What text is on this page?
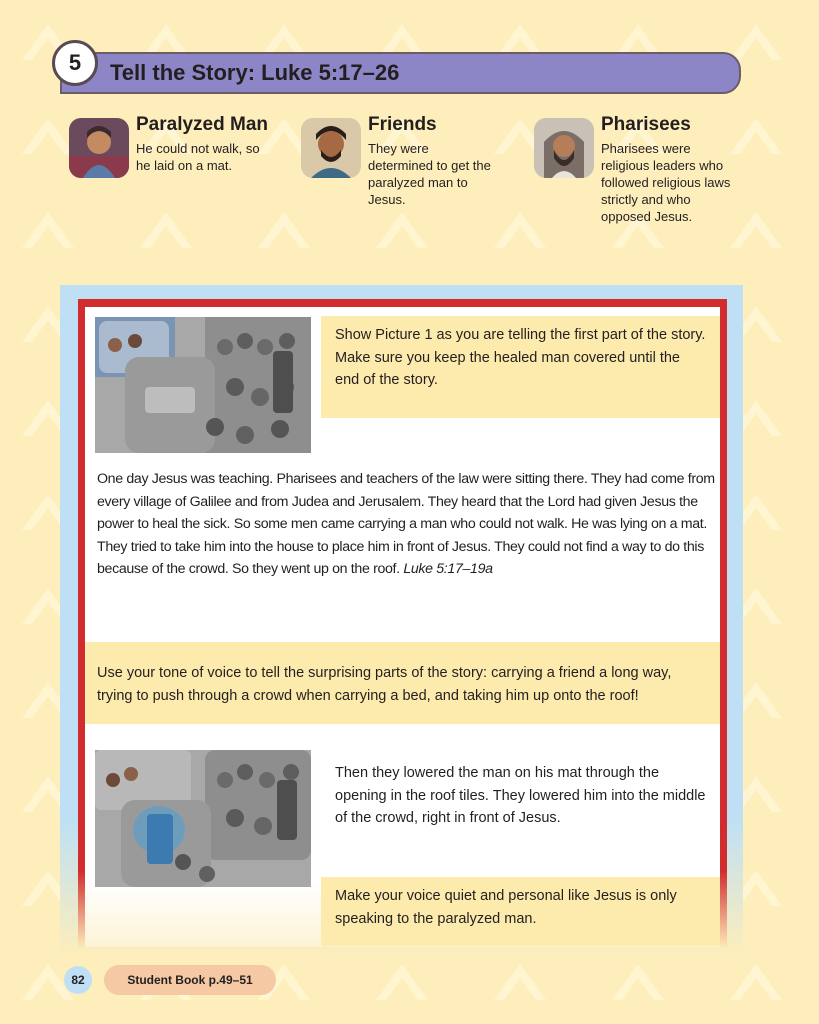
5	Tell the Story: Luke 5:17–26
Paralyzed Man
He could not walk, so he laid on a mat.
Friends
They were determined to get the paralyzed man to Jesus.
Pharisees
Pharisees were religious leaders who followed religious laws strictly and who opposed Jesus.
Show Picture 1 as you are telling the first part of the story. Make sure you keep the healed man covered until the end of the story.
One day Jesus was teaching. Pharisees and teachers of the law were sitting there. They had come from every village of Galilee and from Judea and Jerusalem. They heard that the Lord had given Jesus the power to heal the sick. So some men came carrying a man who could not walk. He was lying on a mat. They tried to take him into the house to place him in front of Jesus. They could not find a way to do this because of the crowd. So they went up on the roof. Luke 5:17–19a
Use your tone of voice to tell the surprising parts of the story: carrying a friend a long way, trying to push through a crowd when carrying a bed, and taking him up onto the roof!
Then they lowered the man on his mat through the opening in the roof tiles. They lowered him into the middle of the crowd, right in front of Jesus.
Make your voice quiet and personal like Jesus is only speaking to the paralyzed man.
82	Student Book p.49–51
